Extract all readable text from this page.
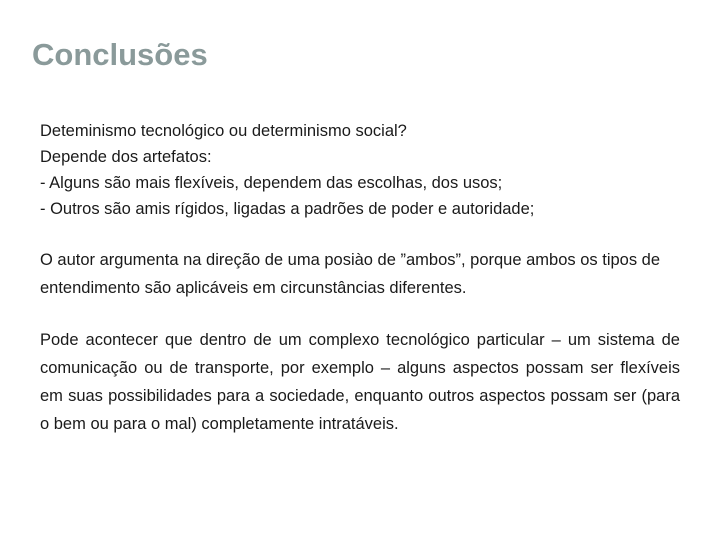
Conclusões
Deteminismo tecnológico ou determinismo social?
Depende dos artefatos:
- Alguns são mais flexíveis, dependem das escolhas, dos usos;
- Outros são amis rígidos, ligadas a padrões de poder e autoridade;

O autor argumenta na direção de uma posiào de ”ambos”, porque ambos os tipos de entendimento são aplicáveis em circunstâncias diferentes.

Pode acontecer que dentro de um complexo tecnológico particular – um sistema de comunicação ou de transporte, por exemplo – alguns aspectos possam ser flexíveis em suas possibilidades para a sociedade, enquanto outros aspectos possam ser (para o bem ou para o mal) completamente intratáveis.
